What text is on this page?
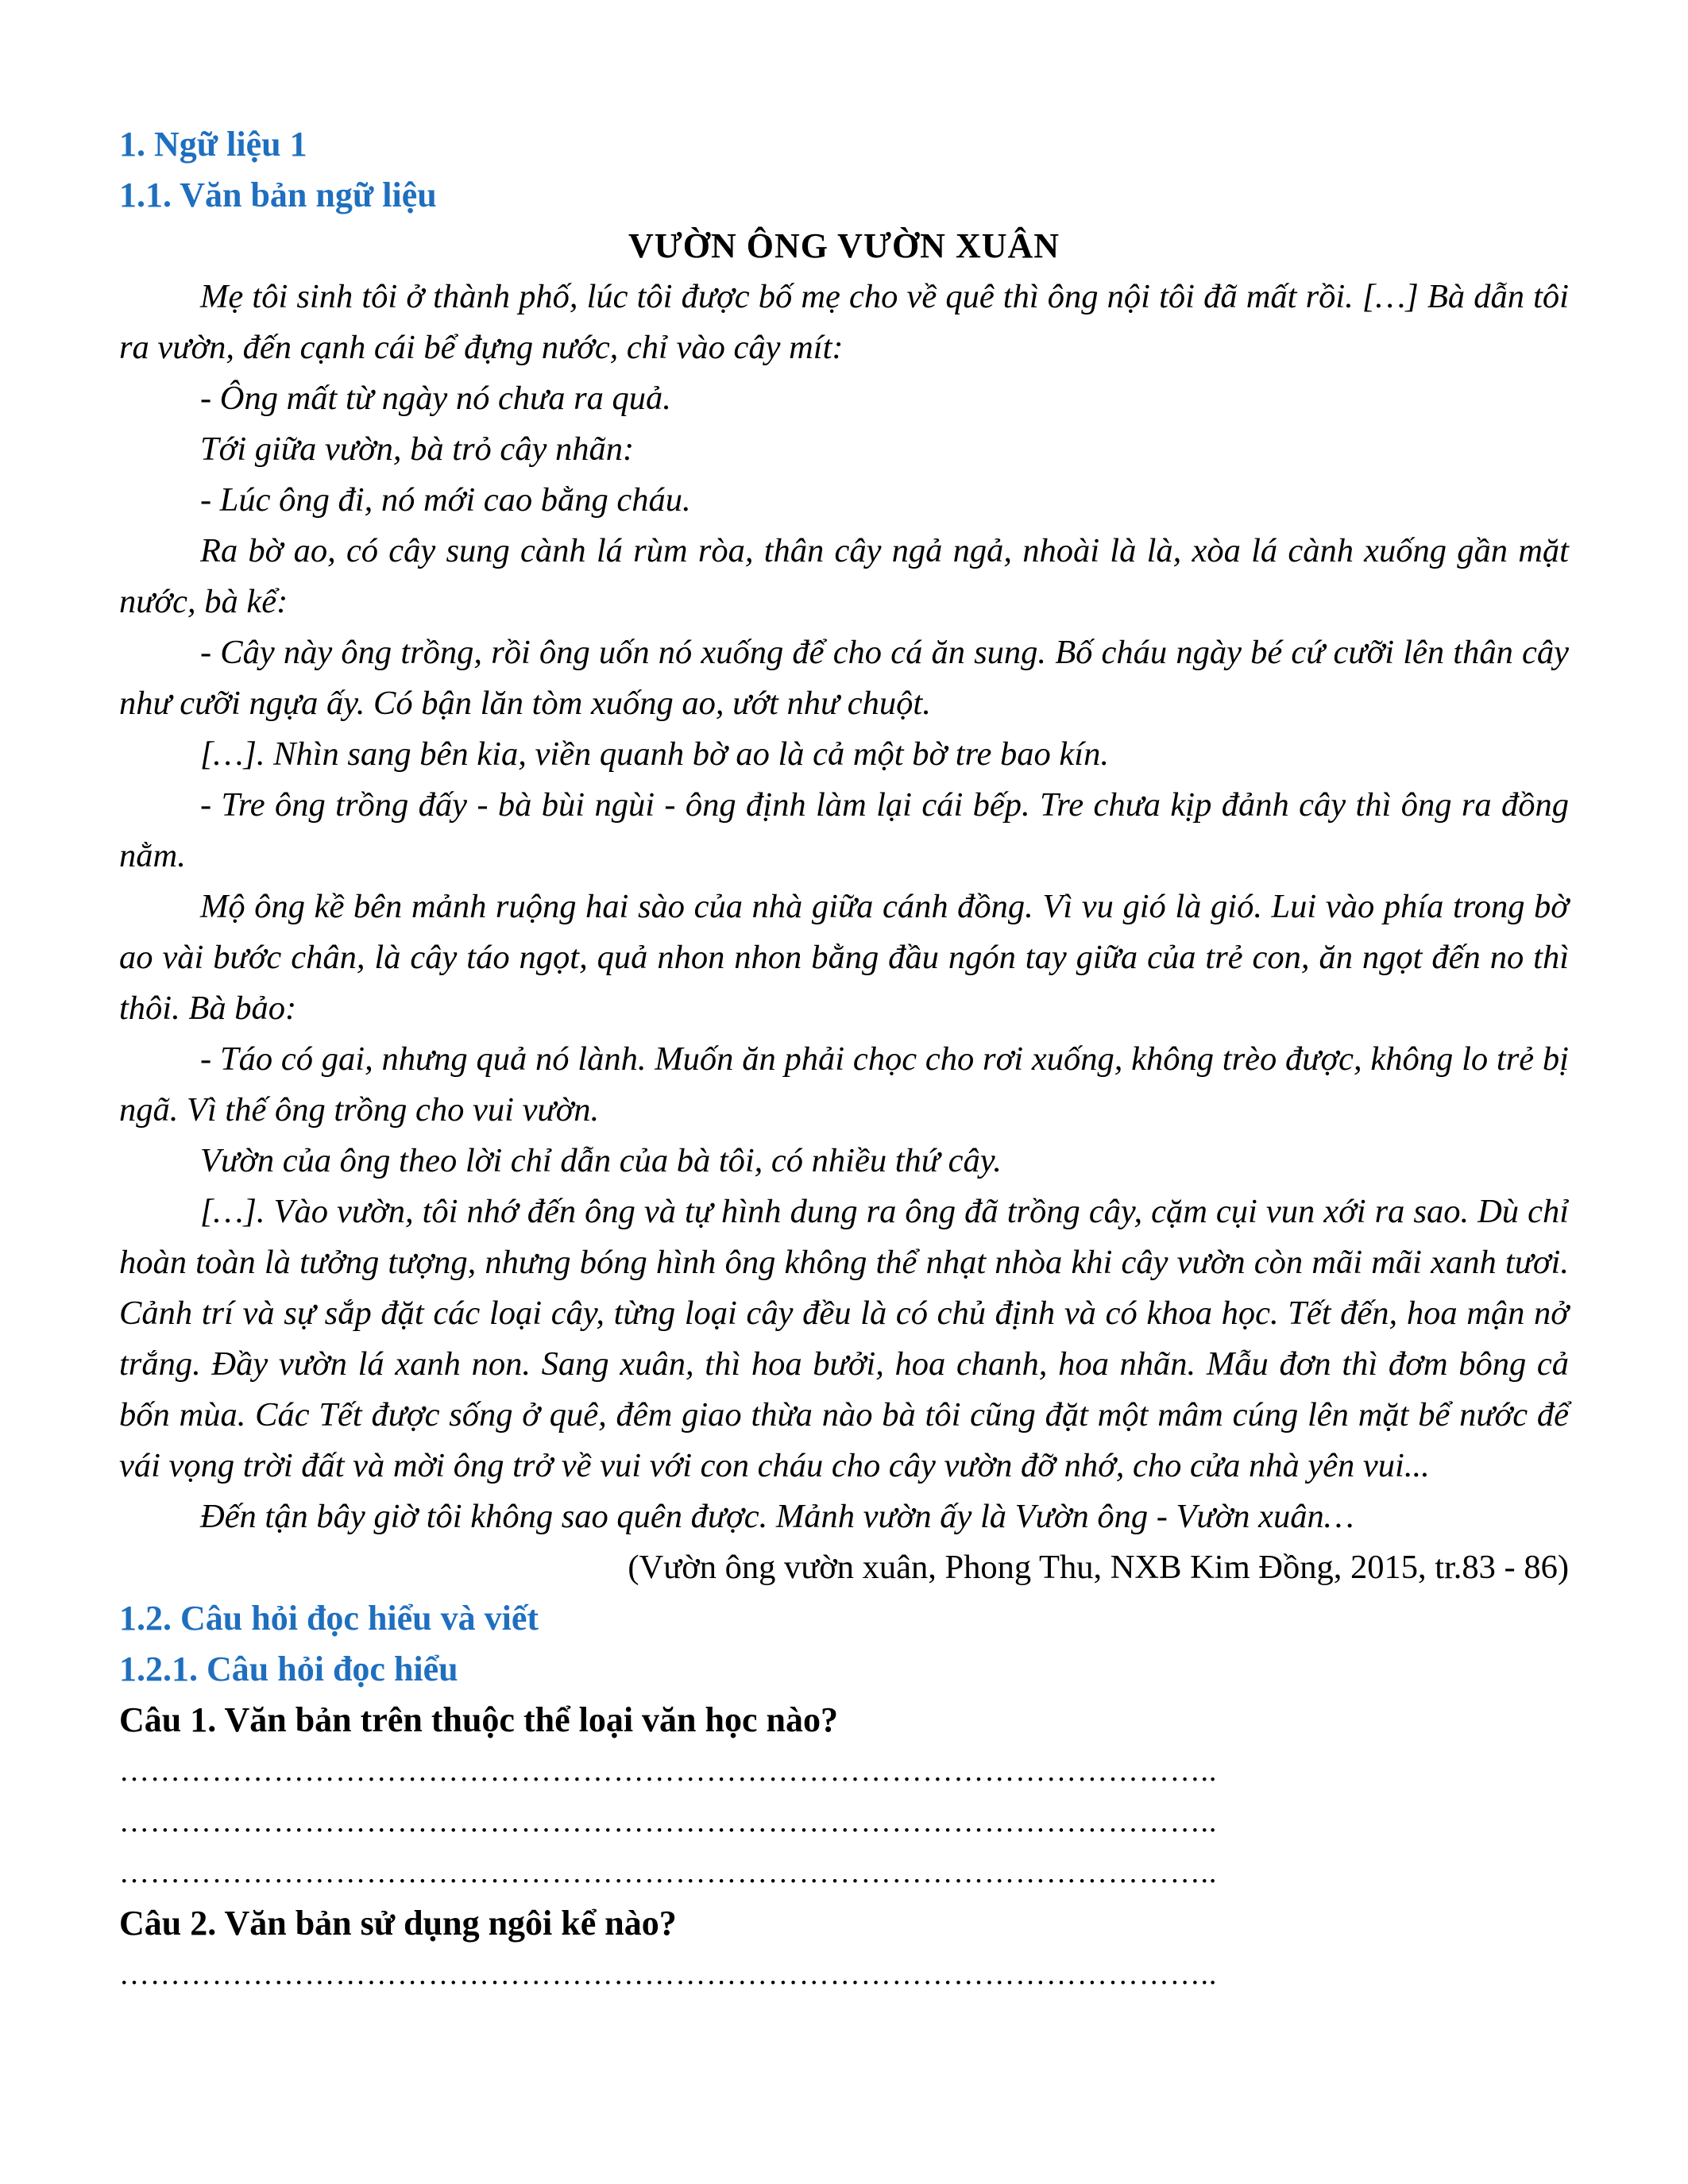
1. Ngữ liệu 1

1.1. Văn bản ngữ liệu

VƯỜN ÔNG VƯỜN XUÂN

Mẹ tôi sinh tôi ở thành phố, lúc tôi được bố mẹ cho về quê thì ông nội tôi đã mất rồi. […] Bà dẫn tôi ra vườn, đến cạnh cái bể đựng nước, chỉ vào cây mít:

- Ông mất từ ngày nó chưa ra quả.

Tới giữa vườn, bà trỏ cây nhãn:

- Lúc ông đi, nó mới cao bằng cháu.

Ra bờ ao, có cây sung cành lá rùm ròa, thân cây ngả ngả, nhoài là là, xòa lá cành xuống gần mặt nước, bà kể:

- Cây này ông trồng, rồi ông uốn nó xuống để cho cá ăn sung. Bố cháu ngày bé cứ cưỡi lên thân cây như cưỡi ngựa ấy. Có bận lăn tòm xuống ao, ướt như chuột.

[…]. Nhìn sang bên kia, viền quanh bờ ao là cả một bờ tre bao kín.

- Tre ông trồng đấy - bà bùi ngùi - ông định làm lại cái bếp. Tre chưa kịp đảnh cây thì ông ra đồng nằm.

Mộ ông kề bên mảnh ruộng hai sào của nhà giữa cánh đồng. Vì vu gió là gió. Lui vào phía trong bờ ao vài bước chân, là cây táo ngọt, quả nhon nhon bằng đầu ngón tay giữa của trẻ con, ăn ngọt đến no thì thôi. Bà bảo:

- Táo có gai, nhưng quả nó lành. Muốn ăn phải chọc cho rơi xuống, không trèo được, không lo trẻ bị ngã. Vì thế ông trồng cho vui vườn.

Vườn của ông theo lời chỉ dẫn của bà tôi, có nhiều thứ cây.

[…]. Vào vườn, tôi nhớ đến ông và tự hình dung ra ông đã trồng cây, cặm cụi vun xới ra sao. Dù chỉ hoàn toàn là tưởng tượng, nhưng bóng hình ông không thể nhạt nhòa khi cây vườn còn mãi mãi xanh tươi. Cảnh trí và sự sắp đặt các loại cây, từng loại cây đều là có chủ định và có khoa học. Tết đến, hoa mận nở trắng. Đầy vườn lá xanh non. Sang xuân, thì hoa bưởi, hoa chanh, hoa nhãn. Mẫu đơn thì đơm bông cả bốn mùa. Các Tết được sống ở quê, đêm giao thừa nào bà tôi cũng đặt một mâm cúng lên mặt bể nước để vái vọng trời đất và mời ông trở về vui với con cháu cho cây vườn đỡ nhớ, cho cửa nhà yên vui...

Đến tận bây giờ tôi không sao quên được. Mảnh vườn ấy là Vườn ông - Vườn xuân…

(Vườn ông vườn xuân, Phong Thu, NXB Kim Đồng, 2015, tr.83 - 86)

1.2. Câu hỏi đọc hiểu và viết

1.2.1. Câu hỏi đọc hiểu

Câu 1. Văn bản trên thuộc thể loại văn học nào?

……………………………………………………………………………………………..

……………………………………………………………………………………………..

……………………………………………………………………………………………..

Câu 2. Văn bản sử dụng ngôi kể nào?

……………………………………………………………………………………………..
